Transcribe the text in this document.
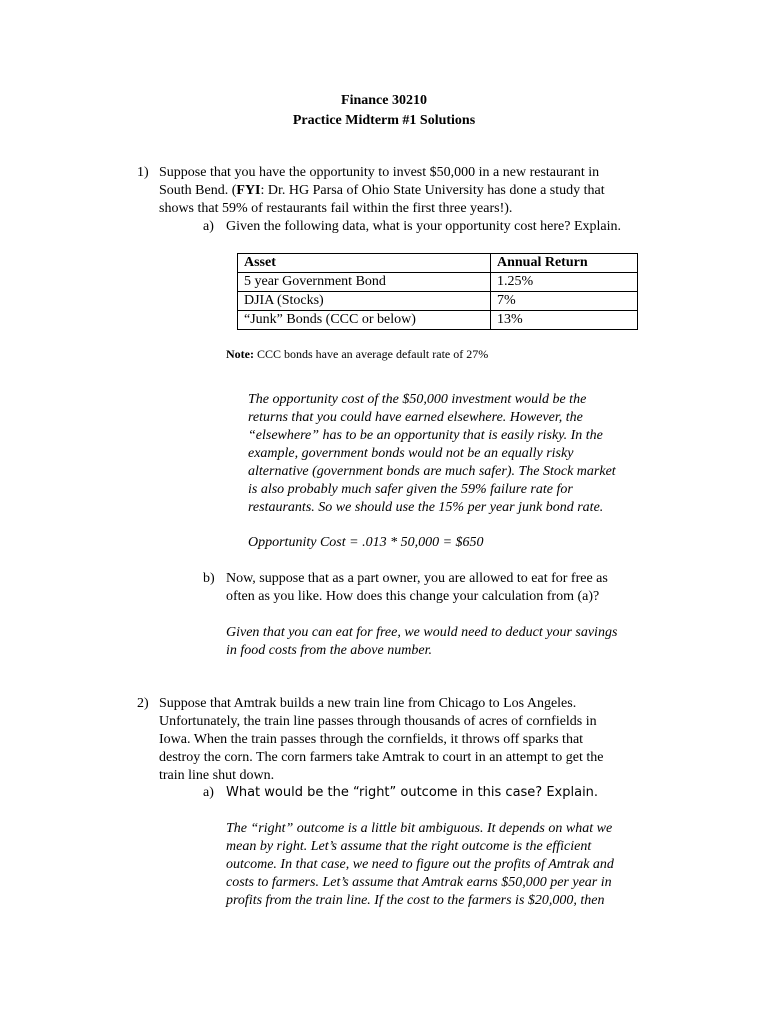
Finance 30210
Practice Midterm #1 Solutions
1) Suppose that you have the opportunity to invest $50,000 in a new restaurant in
South Bend. (FYI: Dr. HG Parsa of Ohio State University has done a study that
shows that 59% of restaurants fail within the first three years!).
a) Given the following data, what is your opportunity cost here? Explain.
Asset	Annual Return
5 year Government Bond	1.25%
DJIA (Stocks)	7%
“Junk” Bonds (CCC or below)	13%
Note: CCC bonds have an average default rate of 27%
The opportunity cost of the $50,000 investment would be the
returns that you could have earned elsewhere. However, the
“elsewhere” has to be an opportunity that is easily risky. In the
example, government bonds would not be an equally risky
alternative (government bonds are much safer). The Stock market
is also probably much safer given the 59% failure rate for
restaurants. So we should use the 15% per year junk bond rate.
Opportunity Cost = .013 * 50,000 = $650
b) Now, suppose that as a part owner, you are allowed to eat for free as
often as you like. How does this change your calculation from (a)?
Given that you can eat for free, we would need to deduct your savings
in food costs from the above number.
2) Suppose that Amtrak builds a new train line from Chicago to Los Angeles.
Unfortunately, the train line passes through thousands of acres of cornfields in
Iowa. When the train passes through the cornfields, it throws off sparks that
destroy the corn. The corn farmers take Amtrak to court in an attempt to get the
train line shut down.
a) What would be the “right” outcome in this case? Explain.
The “right” outcome is a little bit ambiguous. It depends on what we
mean by right. Let’s assume that the right outcome is the efficient
outcome. In that case, we need to figure out the profits of Amtrak and
costs to farmers. Let’s assume that Amtrak earns $50,000 per year in
profits from the train line. If the cost to the farmers is $20,000, then
